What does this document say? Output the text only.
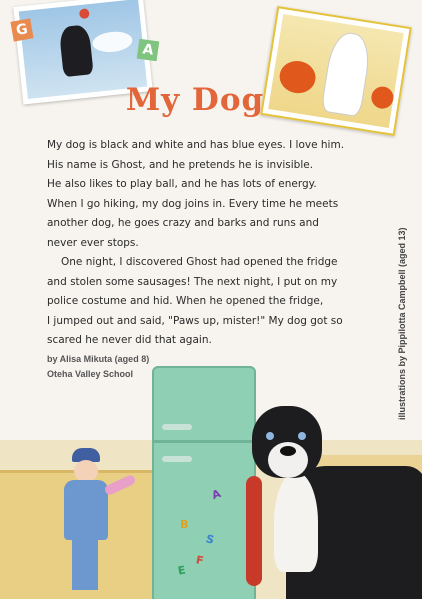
G
A
My Dog
My dog is black and white and has blue eyes. I love him.
His name is Ghost, and he pretends he is invisible.
He also likes to play ball, and he has lots of energy.
When I go hiking, my dog joins in. Every time he meets
another dog, he goes crazy and barks and runs and
never ever stops.
One night, I discovered Ghost had opened the fridge
and stolen some sausages! The next night, I put on my
police costume and hid. When he opened the fridge,
I jumped out and said, "Paws up, mister!" My dog got so
scared he never did that again.
by Alisa Mikuta (aged 8)
Oteha Valley School	illustrations by Pippilotta Campbell (aged 13)
A
B
S
E
F
